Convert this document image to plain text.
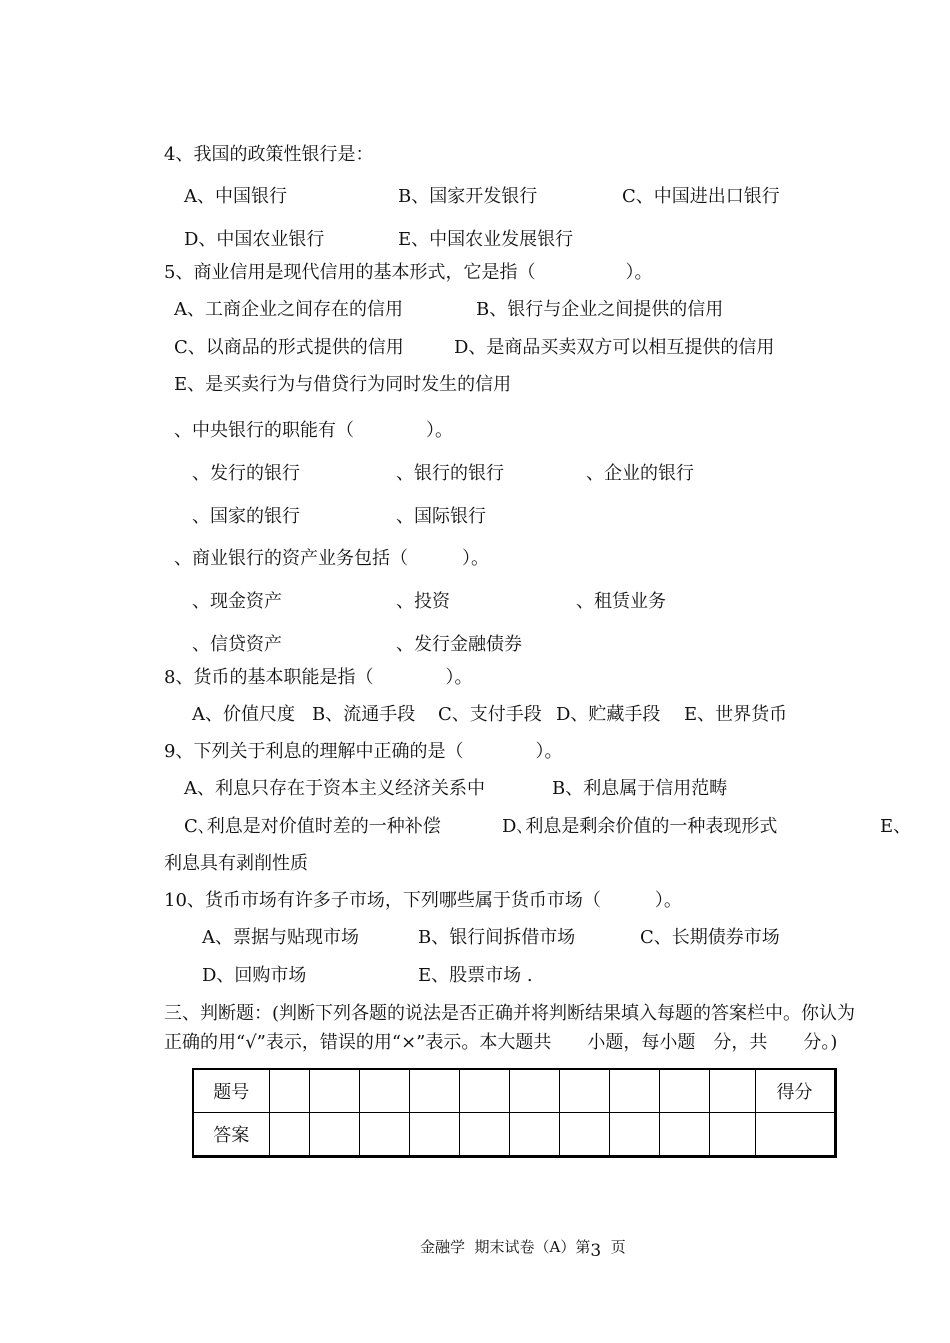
4、我国的政策性银行是：
A、中国银行	B、国家开发银行	C、中国进出口银行
D、中国农业银行	E、中国农业发展银行
5、商业信用是现代信用的基本形式，它是指（　　　　　）。
A、工商企业之间存在的信用	B、银行与企业之间提供的信用
C、以商品的形式提供的信用	D、是商品买卖双方可以相互提供的信用
E、是买卖行为与借贷行为同时发生的信用
、中央银行的职能有（　　　　）。
、发行的银行	、银行的银行	、企业的银行
、国家的银行	、国际银行
、商业银行的资产业务包括（　　　）。
、现金资产	、投资	、租赁业务
、信贷资产	、发行金融债券
8、货币的基本职能是指（　　　　）。
A、价值尺度 B、流通手段 C、支付手段 D、贮藏手段 E、世界货币
9、下列关于利息的理解中正确的是（　　　　）。
A、利息只存在于资本主义经济关系中	B、利息属于信用范畴
C､利息是对价值时差的一种补偿	D､利息是剩余价值的一种表现形式	E、
利息具有剥削性质
10、货币市场有许多子市场，下列哪些属于货币市场（　　　）。
A、票据与贴现市场	B、银行间拆借市场	C、长期债券市场
D、回购市场	E、股票市场 .
三、判断题：(判断下列各题的说法是否正确并将判断结果填入每题的答案栏中。你认为
正确的用“√”表示，错误的用“×”表示。本大题共　　小题，每小题　分，共　　分。)
题号											得分
答案											
金融学  期末试卷（A）第3  页
